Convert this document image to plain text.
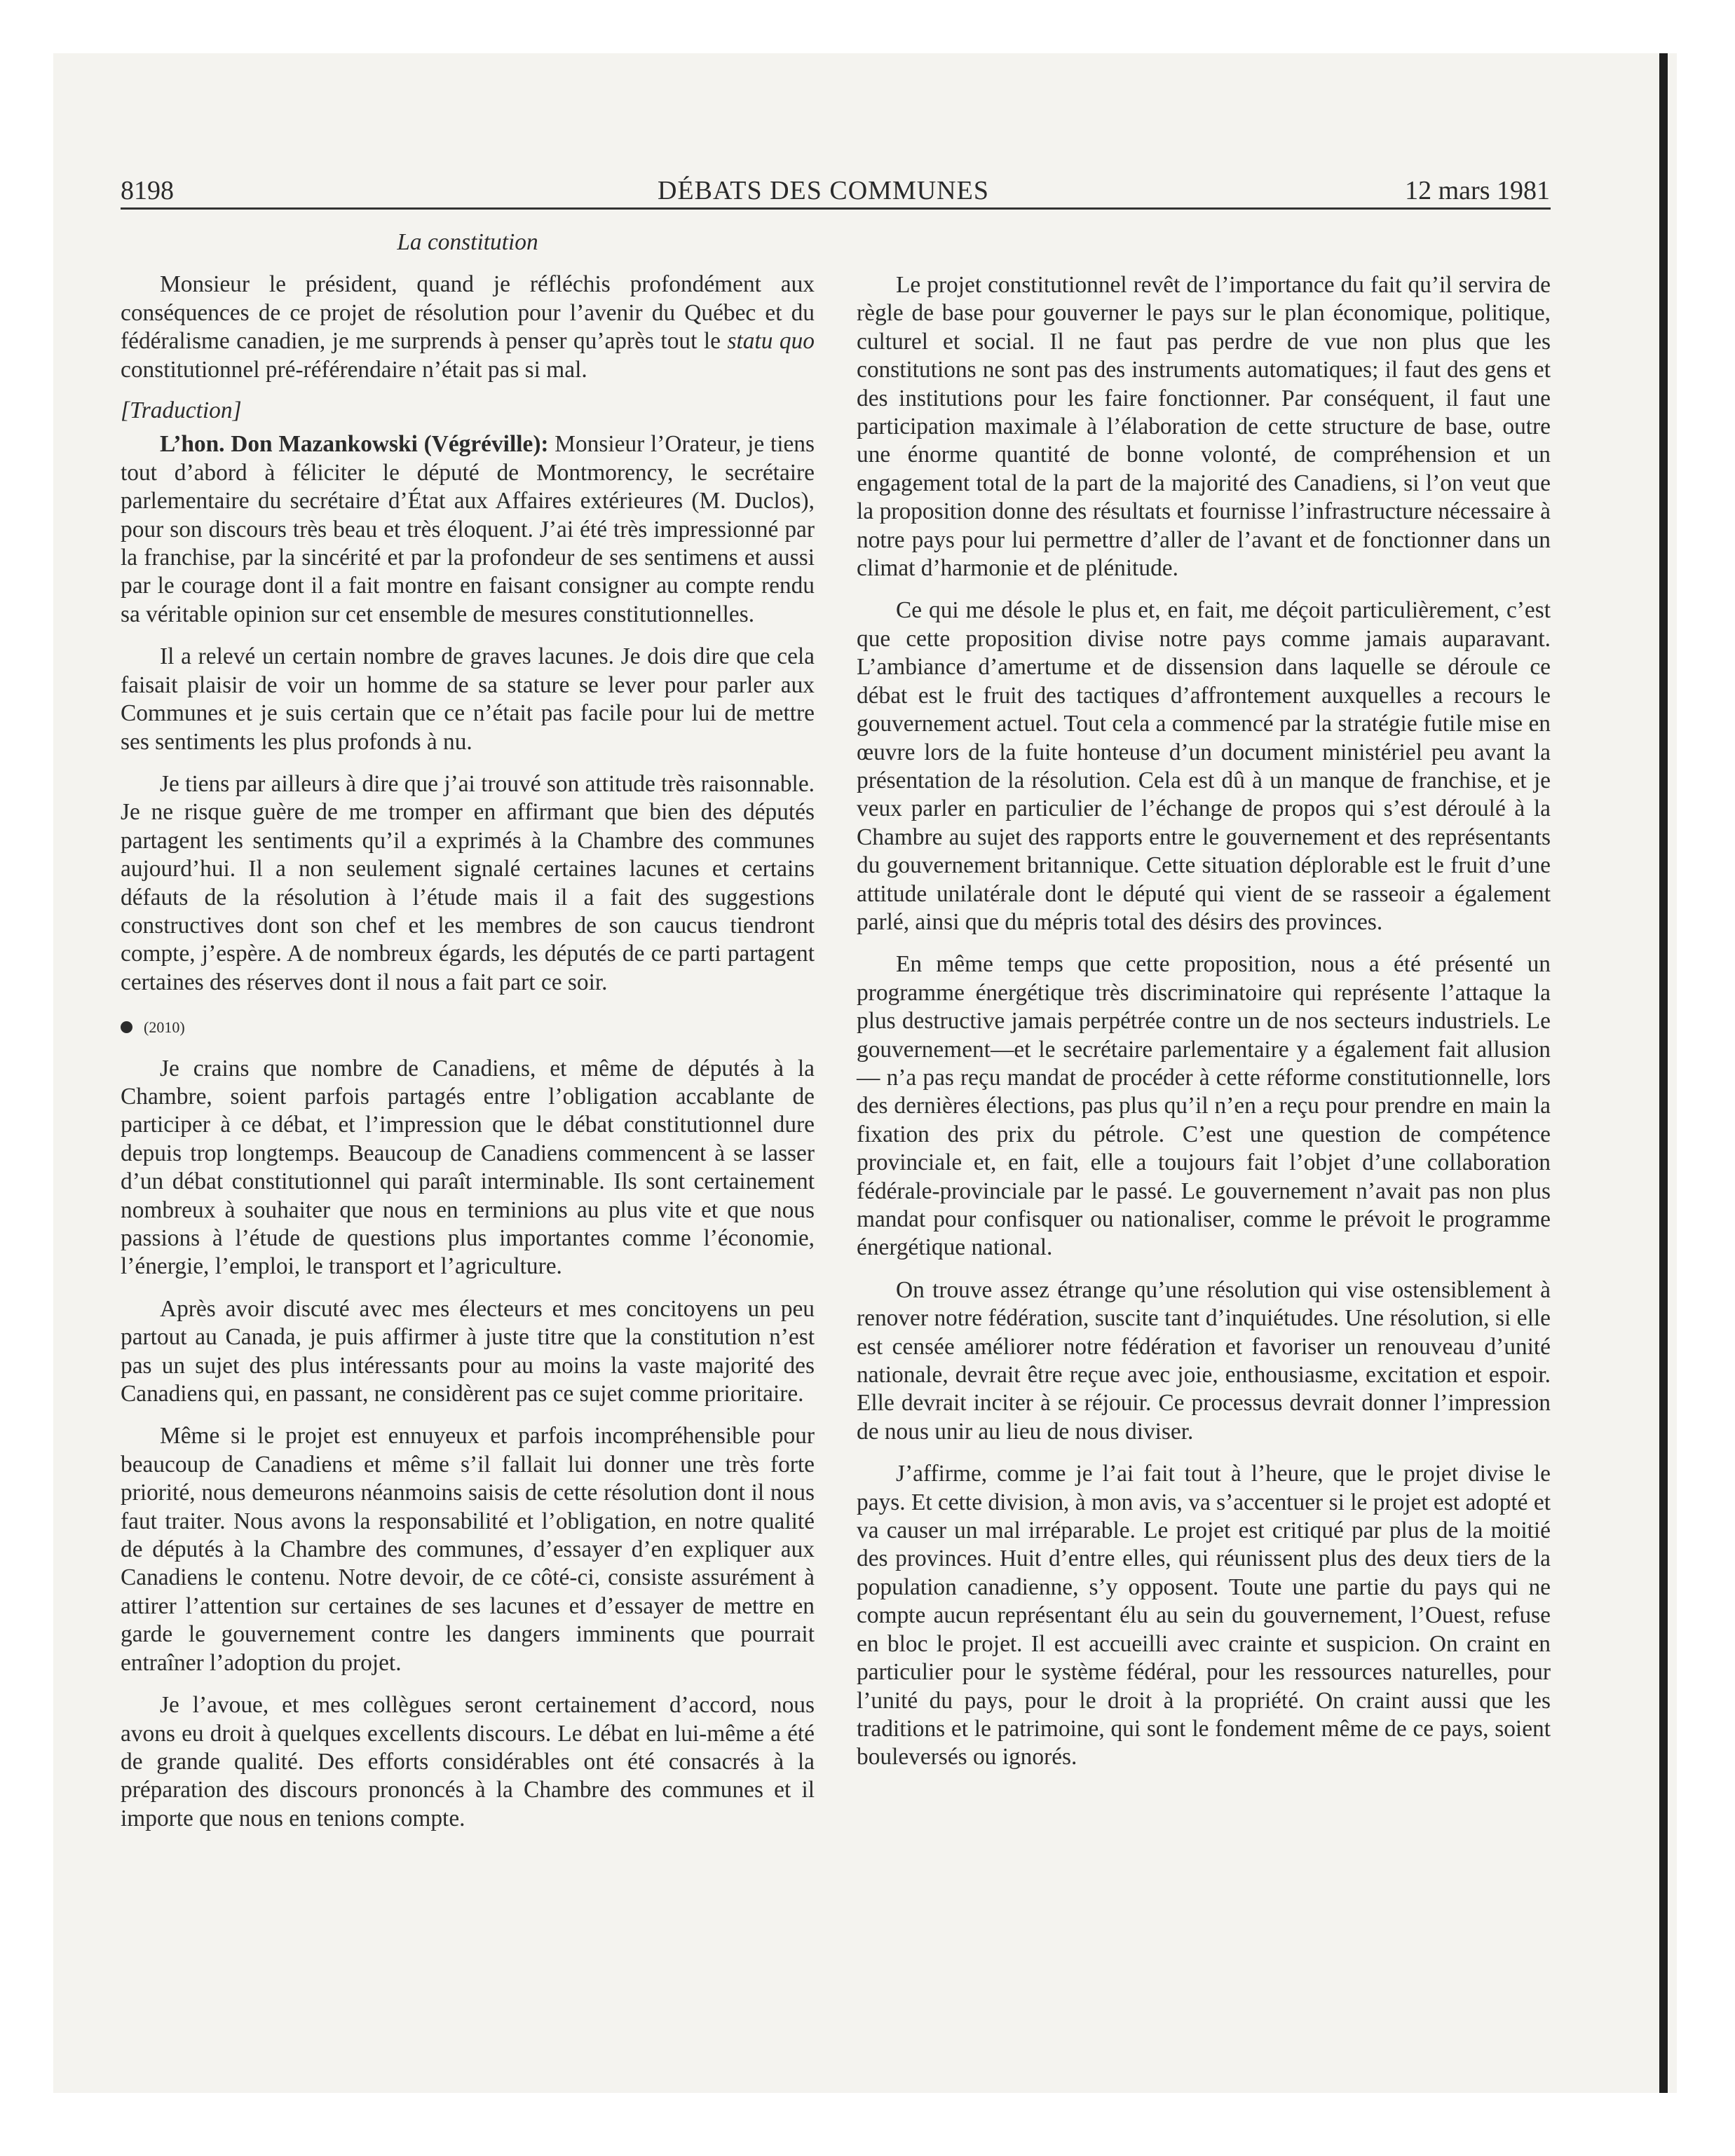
8198	DÉBATS DES COMMUNES	12 mars 1981

La constitution

Monsieur le président, quand je réfléchis profondément aux conséquences de ce projet de résolution pour l’avenir du Québec et du fédéralisme canadien, je me surprends à penser qu’après tout le statu quo constitutionnel pré-référendaire n’était pas si mal.

[Traduction]

L’hon. Don Mazankowski (Végréville): Monsieur l’Orateur, je tiens tout d’abord à féliciter le député de Montmorency, le secrétaire parlementaire du secrétaire d’État aux Affaires extérieures (M. Duclos), pour son discours très beau et très éloquent. J’ai été très impressionné par la franchise, par la sincérité et par la profondeur de ses sentimens et aussi par le courage dont il a fait montre en faisant consigner au compte rendu sa véritable opinion sur cet ensemble de mesures constitutionnelles.

Il a relevé un certain nombre de graves lacunes. Je dois dire que cela faisait plaisir de voir un homme de sa stature se lever pour parler aux Communes et je suis certain que ce n’était pas facile pour lui de mettre ses sentiments les plus profonds à nu.

Je tiens par ailleurs à dire que j’ai trouvé son attitude très raisonnable. Je ne risque guère de me tromper en affirmant que bien des députés partagent les sentiments qu’il a exprimés à la Chambre des communes aujourd’hui. Il a non seulement signalé certaines lacunes et certains défauts de la résolution à l’étude mais il a fait des suggestions constructives dont son chef et les membres de son caucus tiendront compte, j’espère. A de nombreux égards, les députés de ce parti partagent certaines des réserves dont il nous a fait part ce soir.

(2010)

Je crains que nombre de Canadiens, et même de députés à la Chambre, soient parfois partagés entre l’obligation accablante de participer à ce débat, et l’impression que le débat constitutionnel dure depuis trop longtemps. Beaucoup de Canadiens commencent à se lasser d’un débat constitutionnel qui paraît interminable. Ils sont certainement nombreux à souhaiter que nous en terminions au plus vite et que nous passions à l’étude de questions plus importantes comme l’économie, l’énergie, l’emploi, le transport et l’agriculture.

Après avoir discuté avec mes électeurs et mes concitoyens un peu partout au Canada, je puis affirmer à juste titre que la constitution n’est pas un sujet des plus intéressants pour au moins la vaste majorité des Canadiens qui, en passant, ne considèrent pas ce sujet comme prioritaire.

Même si le projet est ennuyeux et parfois incompréhensible pour beaucoup de Canadiens et même s’il fallait lui donner une très forte priorité, nous demeurons néanmoins saisis de cette résolution dont il nous faut traiter. Nous avons la responsabilité et l’obligation, en notre qualité de députés à la Chambre des communes, d’essayer d’en expliquer aux Canadiens le contenu. Notre devoir, de ce côté-ci, consiste assurément à attirer l’attention sur certaines de ses lacunes et d’essayer de mettre en garde le gouvernement contre les dangers imminents que pourrait entraîner l’adoption du projet.

Je l’avoue, et mes collègues seront certainement d’accord, nous avons eu droit à quelques excellents discours. Le débat en lui-même a été de grande qualité. Des efforts considérables ont été consacrés à la préparation des discours prononcés à la Chambre des communes et il importe que nous en tenions compte.

Le projet constitutionnel revêt de l’importance du fait qu’il servira de règle de base pour gouverner le pays sur le plan économique, politique, culturel et social. Il ne faut pas perdre de vue non plus que les constitutions ne sont pas des instruments automatiques; il faut des gens et des institutions pour les faire fonctionner. Par conséquent, il faut une participation maximale à l’élaboration de cette structure de base, outre une énorme quantité de bonne volonté, de compréhension et un engagement total de la part de la majorité des Canadiens, si l’on veut que la proposition donne des résultats et fournisse l’infrastructure nécessaire à notre pays pour lui permettre d’aller de l’avant et de fonctionner dans un climat d’harmonie et de plénitude.

Ce qui me désole le plus et, en fait, me déçoit particulièrement, c’est que cette proposition divise notre pays comme jamais auparavant. L’ambiance d’amertume et de dissension dans laquelle se déroule ce débat est le fruit des tactiques d’affrontement auxquelles a recours le gouvernement actuel. Tout cela a commencé par la stratégie futile mise en œuvre lors de la fuite honteuse d’un document ministériel peu avant la présentation de la résolution. Cela est dû à un manque de franchise, et je veux parler en particulier de l’échange de propos qui s’est déroulé à la Chambre au sujet des rapports entre le gouvernement et des représentants du gouvernement britannique. Cette situation déplorable est le fruit d’une attitude unilatérale dont le député qui vient de se rasseoir a également parlé, ainsi que du mépris total des désirs des provinces.

En même temps que cette proposition, nous a été présenté un programme énergétique très discriminatoire qui représente l’attaque la plus destructive jamais perpétrée contre un de nos secteurs industriels. Le gouvernement—et le secrétaire parlementaire y a également fait allusion— n’a pas reçu mandat de procéder à cette réforme constitutionnelle, lors des dernières élections, pas plus qu’il n’en a reçu pour prendre en main la fixation des prix du pétrole. C’est une question de compétence provinciale et, en fait, elle a toujours fait l’objet d’une collaboration fédérale-provinciale par le passé. Le gouvernement n’avait pas non plus mandat pour confisquer ou nationaliser, comme le prévoit le programme énergétique national.

On trouve assez étrange qu’une résolution qui vise ostensiblement à renover notre fédération, suscite tant d’inquiétudes. Une résolution, si elle est censée améliorer notre fédération et favoriser un renouveau d’unité nationale, devrait être reçue avec joie, enthousiasme, excitation et espoir. Elle devrait inciter à se réjouir. Ce processus devrait donner l’impression de nous unir au lieu de nous diviser.

J’affirme, comme je l’ai fait tout à l’heure, que le projet divise le pays. Et cette division, à mon avis, va s’accentuer si le projet est adopté et va causer un mal irréparable. Le projet est critiqué par plus de la moitié des provinces. Huit d’entre elles, qui réunissent plus des deux tiers de la population canadienne, s’y opposent. Toute une partie du pays qui ne compte aucun représentant élu au sein du gouvernement, l’Ouest, refuse en bloc le projet. Il est accueilli avec crainte et suspicion. On craint en particulier pour le système fédéral, pour les ressources naturelles, pour l’unité du pays, pour le droit à la propriété. On craint aussi que les traditions et le patrimoine, qui sont le fondement même de ce pays, soient bouleversés ou ignorés.
